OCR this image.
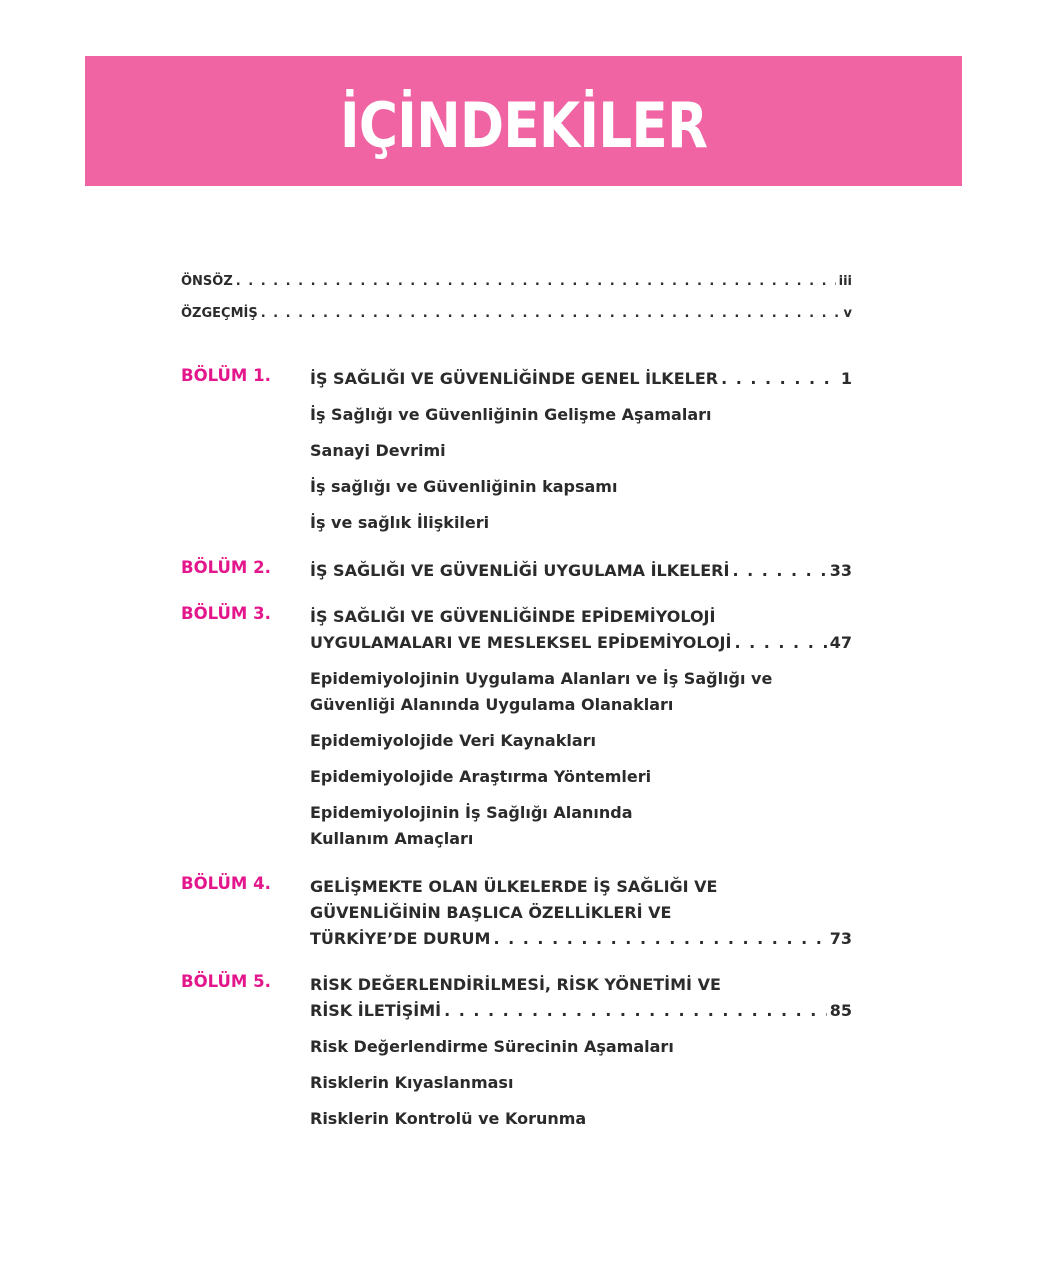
İÇİNDEKİLER
ÖNSÖZ . . .	iii
ÖZGEÇMİŞ . . .	v
BÖLÜM 1. İŞ SAĞLIĞI VE GÜVENLİĞİNDE GENEL İLKELER . . .	1
İş Sağlığı ve Güvenliğinin Gelişme Aşamaları
Sanayi Devrimi
İş sağlığı ve Güvenliğinin kapsamı
İş ve sağlık İlişkileri
BÖLÜM 2. İŞ SAĞLIĞI VE GÜVENLİĞİ UYGULAMA İLKELERİ . . .	33
BÖLÜM 3. İŞ SAĞLIĞI VE GÜVENLİĞİNDE EPİDEMİYOLOJİ
UYGULAMALARI VE MESLEKSEL EPİDEMİYOLOJİ . . .	47
Epidemiyolojinin Uygulama Alanları ve İş Sağlığı ve Güvenliği Alanında Uygulama Olanakları
Epidemiyolojide Veri Kaynakları
Epidemiyolojide Araştırma Yöntemleri
Epidemiyolojinin İş Sağlığı Alanında Kullanım Amaçları
BÖLÜM 4. GELİŞMEKTE OLAN ÜLKELERDE İŞ SAĞLIĞI VE
GÜVENLİĞİNİN BAŞLICA ÖZELLİKLERİ VE
TÜRKİYE’DE DURUM . . .	73
BÖLÜM 5. RİSK DEĞERLENDİRİLMESİ, RİSK YÖNETİMİ VE
RİSK İLETİŞİMİ . . .	85
Risk Değerlendirme Sürecinin Aşamaları
Risklerin Kıyaslanması
Risklerin Kontrolü ve Korunma
